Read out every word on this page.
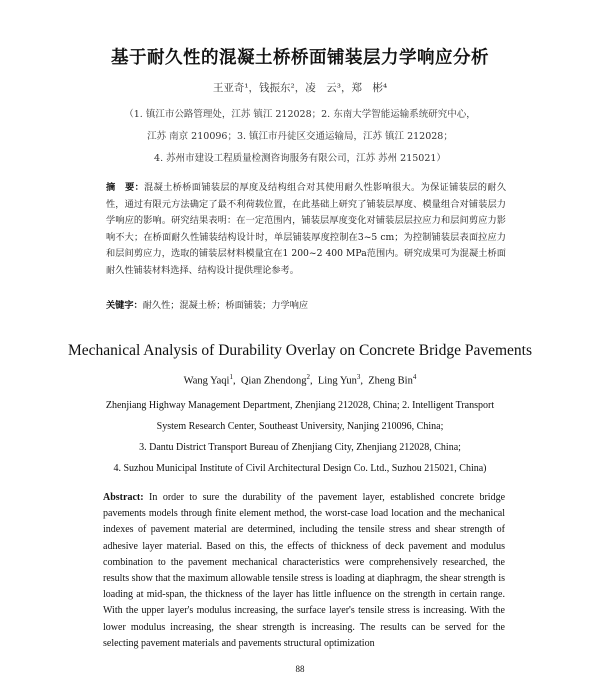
基于耐久性的混凝土桥桥面铺装层力学响应分析
王亚奇¹，钱振东²，凌　云³，郑　彬⁴
（1. 镇江市公路管理处，江苏 镇江 212028；2. 东南大学智能运输系统研究中心，
江苏 南京 210096；3. 镇江市丹徒区交通运输局，江苏 镇江 212028；
4. 苏州市建设工程质量检测咨询服务有限公司，江苏 苏州 215021）
摘　要：混凝土桥桥面铺装层的厚度及结构组合对其使用耐久性影响很大。为保证铺装层的耐久性，通过有限元方法确定了最不利荷载位置，在此基础上研究了铺装层厚度、模量组合对铺装层力学响应的影响。研究结果表明：在一定范围内，铺装层厚度变化对铺装层层拉应力和层间剪应力影响不大；在桥面耐久性铺装结构设计时，单层铺装厚度控制在3~5 cm；为控制铺装层表面拉应力和层间剪应力，选取的铺装层材料模量宜在1 200~2 400 MPa范围内。研究成果可为混凝土桥面耐久性铺装材料选择、结构设计提供理论参考。
关键字：耐久性；混凝土桥；桥面铺装；力学响应
Mechanical Analysis of Durability Overlay on Concrete Bridge Pavements
Wang Yaqi$^1$,  Qian Zhendong$^2$,  Ling Yun$^3$,  Zheng Bin$^4$
Zhenjiang Highway Management Department, Zhenjiang 212028, China; 2. Intelligent Transport
System Research Center, Southeast University, Nanjing 210096, China;
3. Dantu District Transport Bureau of Zhenjiang City, Zhenjiang 212028, China;
4. Suzhou Municipal Institute of Civil Architectural Design Co. Ltd., Suzhou 215021, China)
Abstract: In order to sure the durability of the pavement layer, established concrete bridge pavements models through finite element method, the worst-case load location and the mechanical indexes of pavement material are determined, including the tensile stress and shear strength of adhesive layer material. Based on this, the effects of thickness of deck pavement and modulus combination to the pavement mechanical characteristics were comprehensively researched, the results show that the maximum allowable tensile stress is loading at diaphragm, the shear strength is loading at mid-span, the thickness of the layer has little influence on the strength in certain range. With the upper layer's modulus increasing, the surface layer's tensile stress is increasing. With the lower modulus increasing, the shear strength is increasing. The results can be served for the selecting pavement materials and pavements structural optimization
88
